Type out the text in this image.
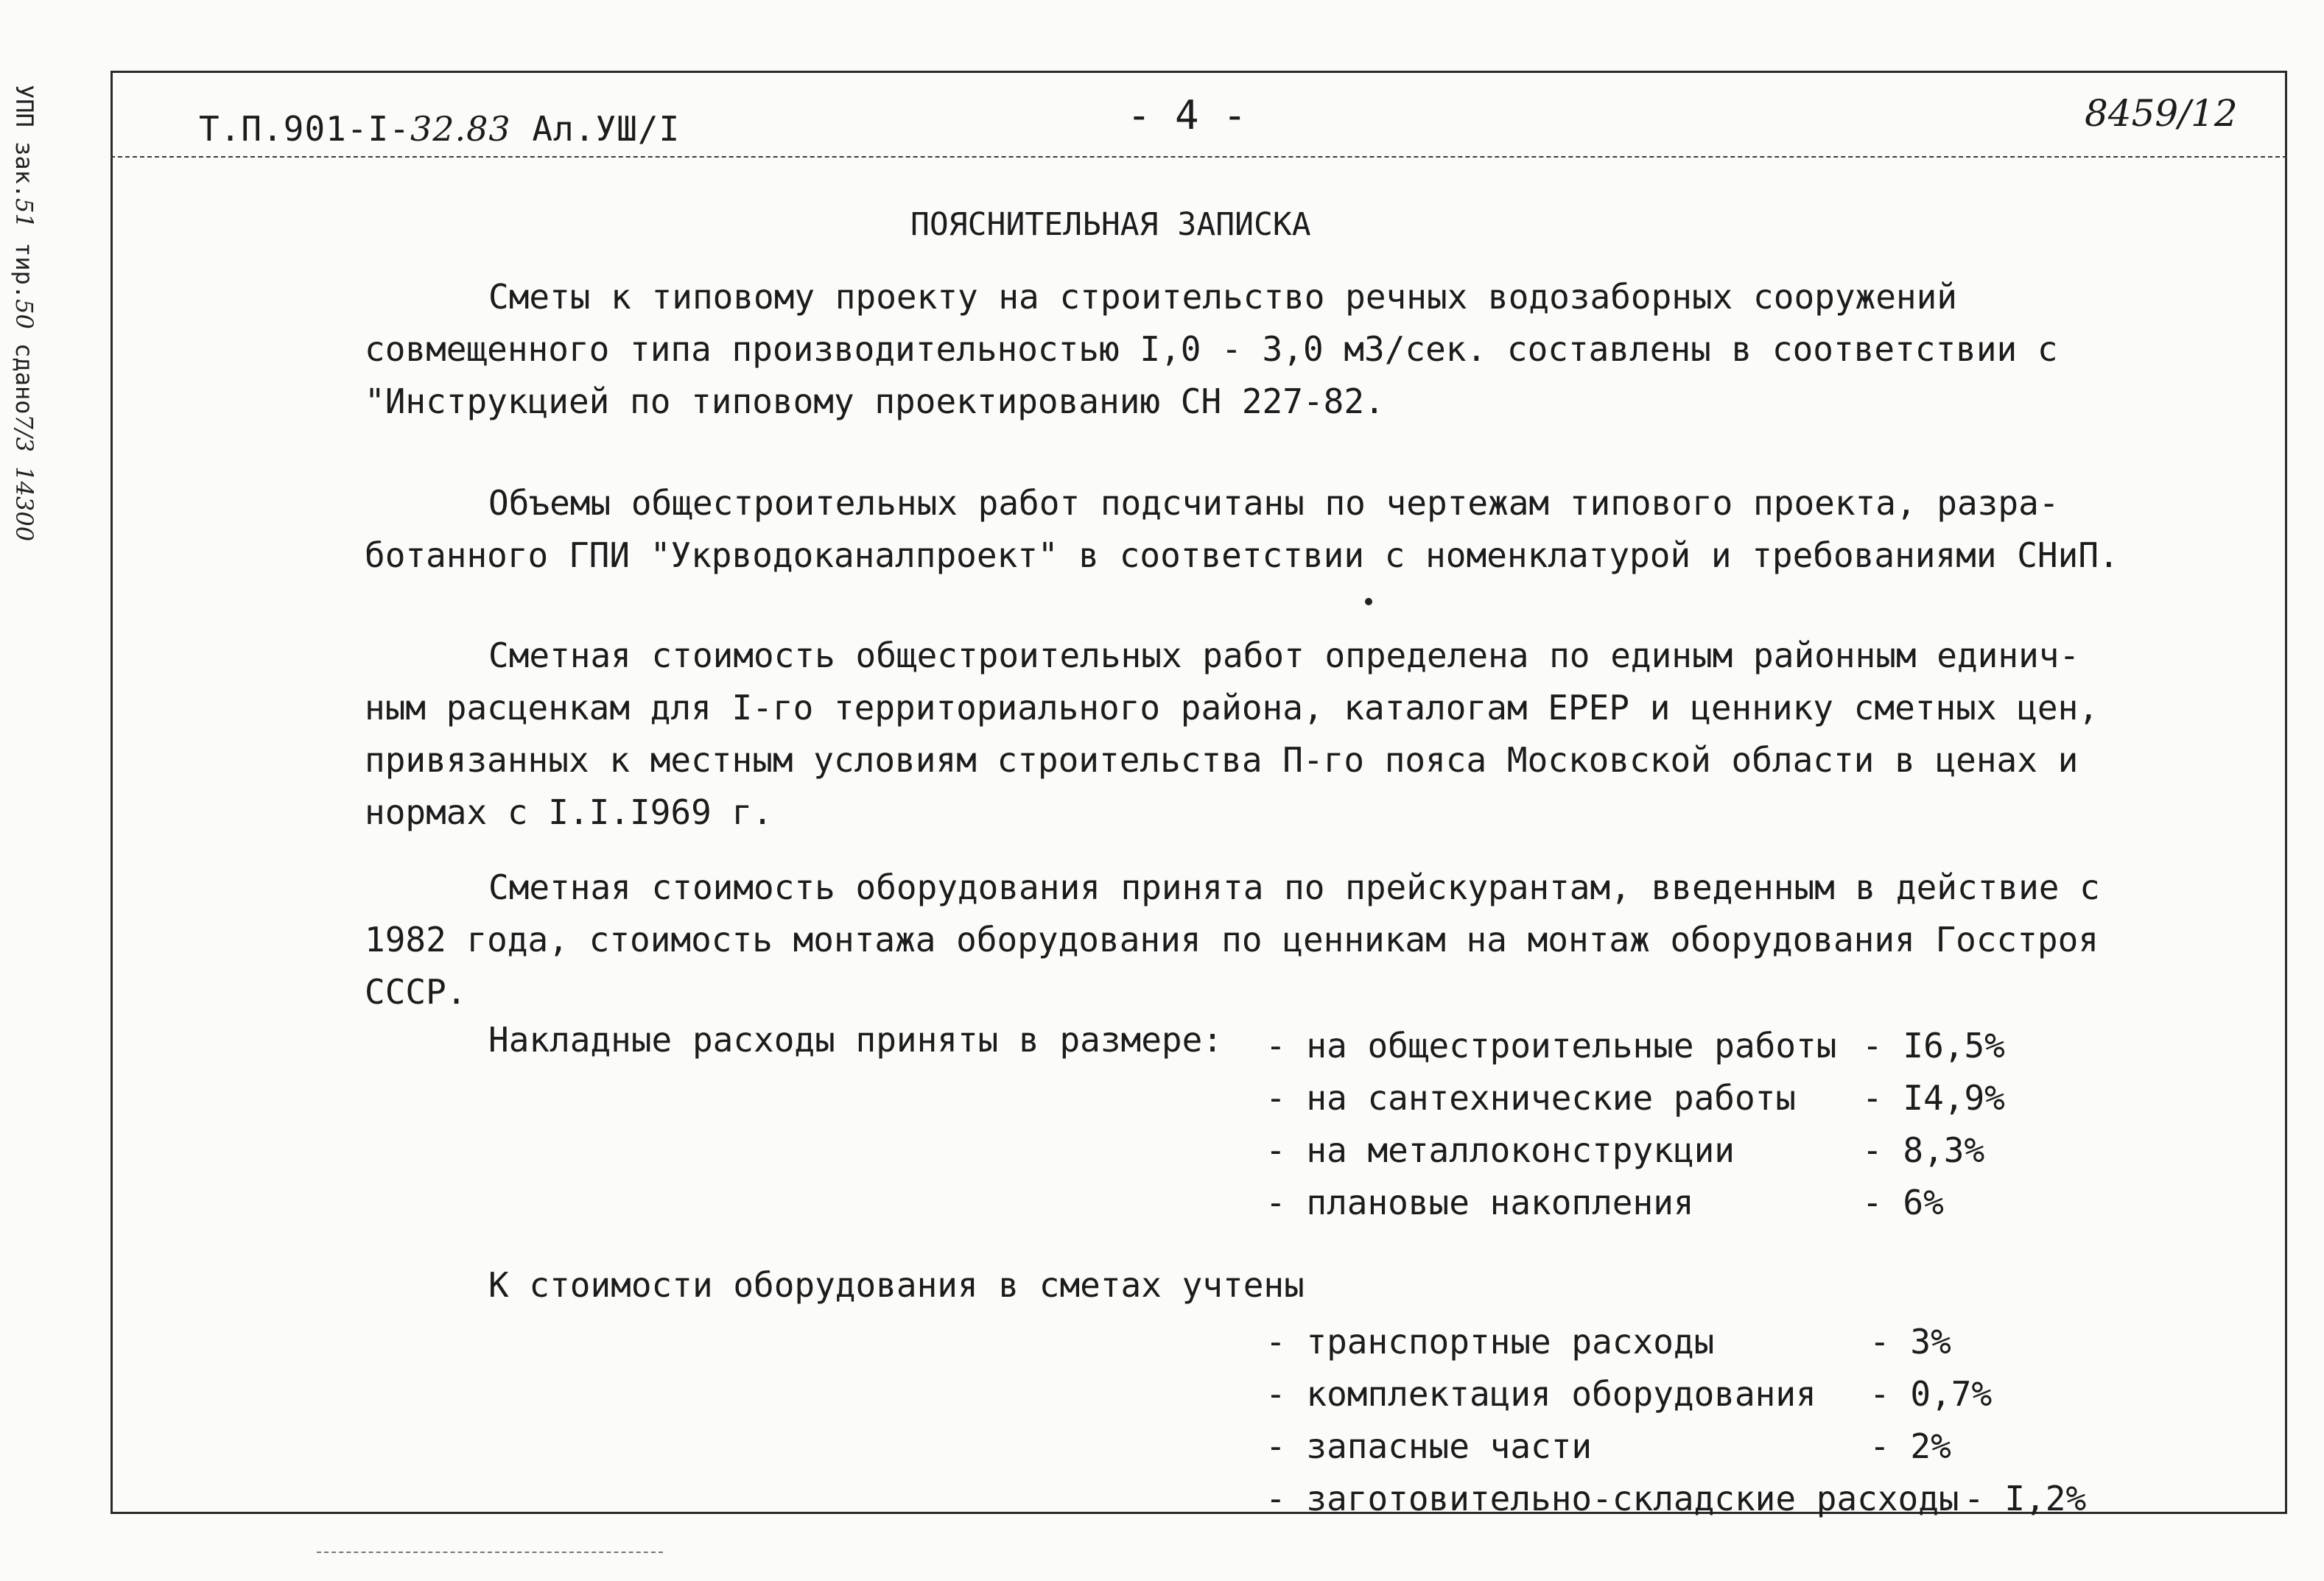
УПП зак.51 тир.50 сдано7/3 14300
Т.П.901-I-32.83 Ал.УШ/I	- 4 -	8459/12
ПОЯСНИТЕЛЬНАЯ ЗАПИСКА
Сметы к типовому проекту на строительство речных водозаборных сооружений
совмещенного типа производительностью I,0 - 3,0 м3/сек. составлены в соответствии с
"Инструкцией по типовому проектированию СН 227-82.
Объемы общестроительных работ подсчитаны по чертежам типового проекта, разра-
ботанного ГПИ "Укрводоканалпроект" в соответствии с номенклатурой и требованиями СНиП.
Сметная стоимость общестроительных работ определена по единым районным единич-
ным расценкам для I-го территориального района, каталогам ЕРЕР и ценнику сметных цен,
привязанных к местным условиям строительства П-го пояса Московской области в ценах и
нормах с I.I.I969 г.
Сметная стоимость оборудования принята по прейскурантам, введенным в действие с
1982 года, стоимость монтажа оборудования по ценникам на монтаж оборудования Госстроя
СССР.
Накладные расходы приняты в размере: - на общестроительные работы - I6,5%
- на сантехнические работы - I4,9%
- на металлоконструкции	- 8,3%
- плановые накопления	- 6%
К стоимости оборудования в сметах учтены
- транспортные расходы	- 3%
- комплектация оборудования - 0,7%
- запасные части	- 2%
- заготовительно-складские расходы - I,2%
